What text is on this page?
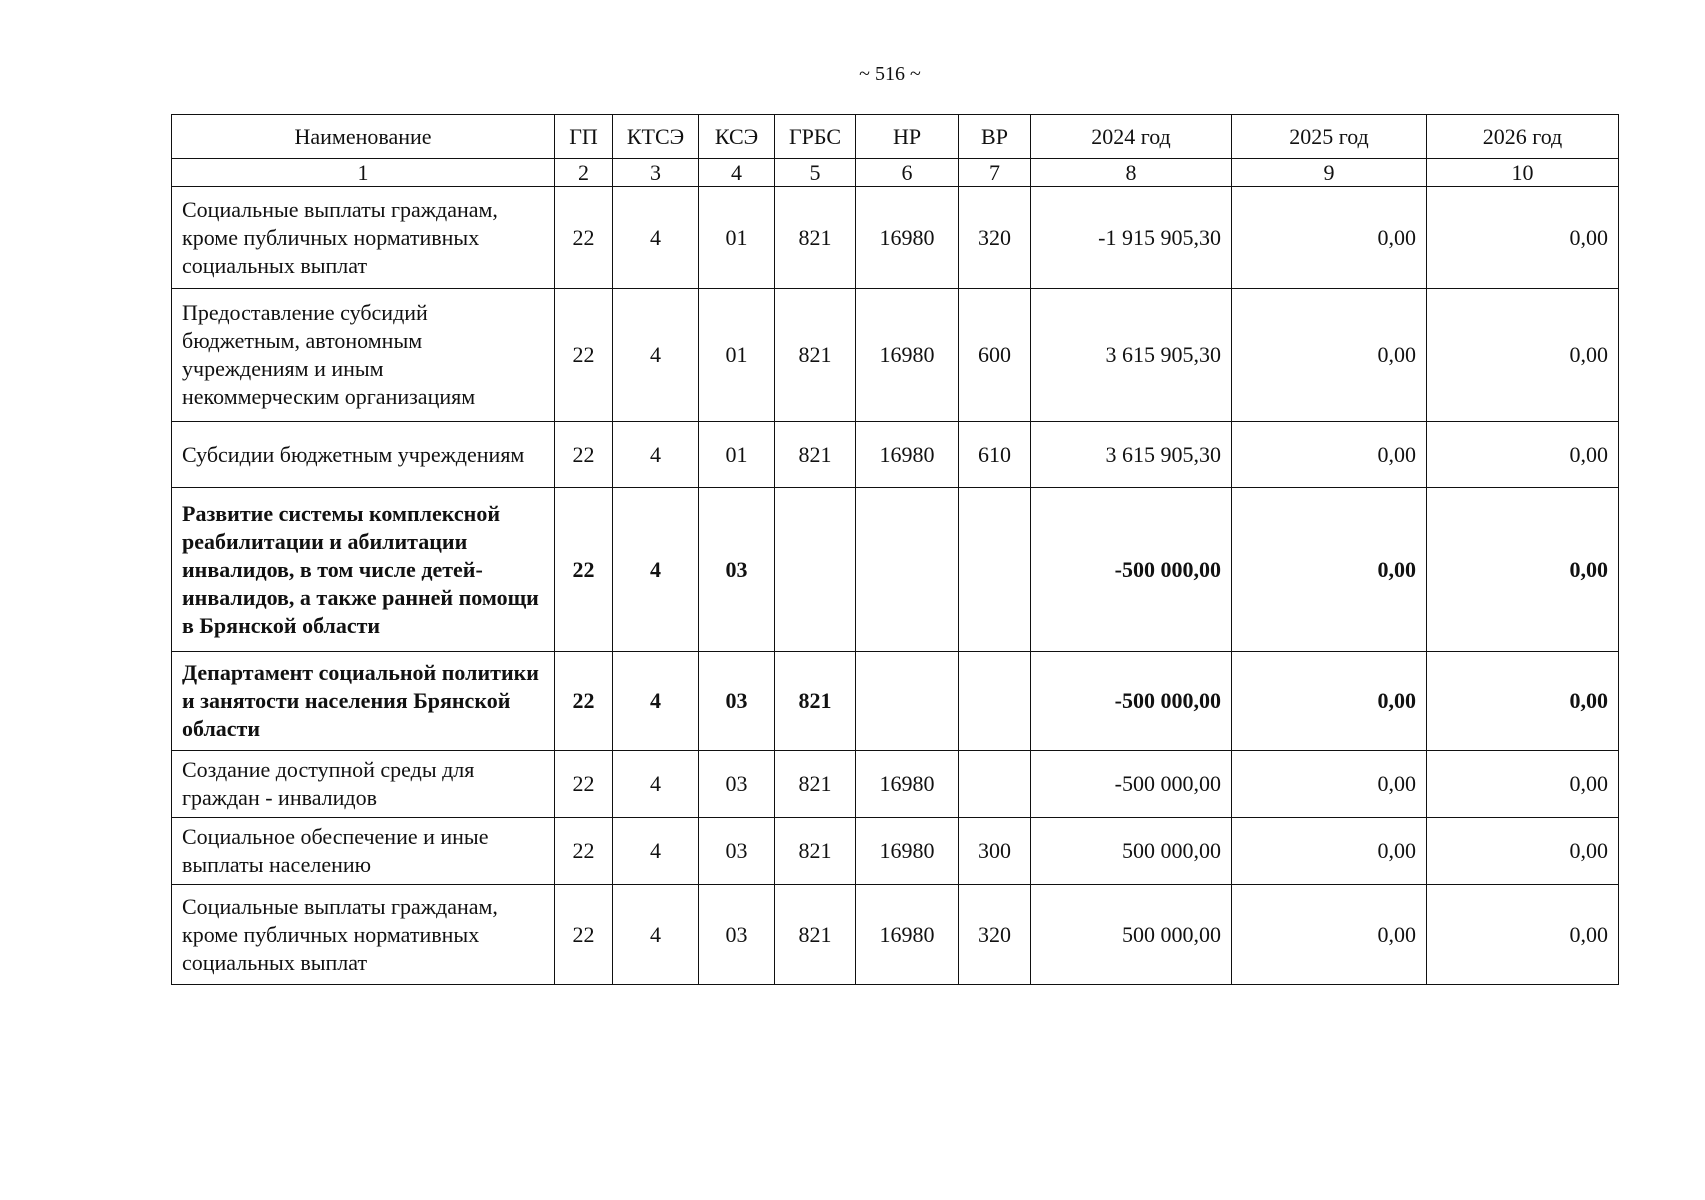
~ 516 ~
Наименование	ГП	КТСЭ	КСЭ	ГРБС	НР	ВР	2024 год	2025 год	2026 год
1	2	3	4	5	6	7	8	9	10
Социальные выплаты гражданам, кроме публичных нормативных социальных выплат	22	4	01	821	16980	320	-1 915 905,30	0,00	0,00
Предоставление субсидий бюджетным, автономным учреждениям и иным некоммерческим организациям	22	4	01	821	16980	600	3 615 905,30	0,00	0,00
Субсидии бюджетным учреждениям	22	4	01	821	16980	610	3 615 905,30	0,00	0,00
Развитие системы комплексной реабилитации и абилитации инвалидов, в том числе детей-инвалидов, а также ранней помощи в Брянской области	22	4	03				-500 000,00	0,00	0,00
Департамент социальной политики и занятости населения Брянской области	22	4	03	821			-500 000,00	0,00	0,00
Создание доступной среды для граждан - инвалидов	22	4	03	821	16980		-500 000,00	0,00	0,00
Социальное обеспечение и иные выплаты населению	22	4	03	821	16980	300	500 000,00	0,00	0,00
Социальные выплаты гражданам, кроме публичных нормативных социальных выплат	22	4	03	821	16980	320	500 000,00	0,00	0,00
